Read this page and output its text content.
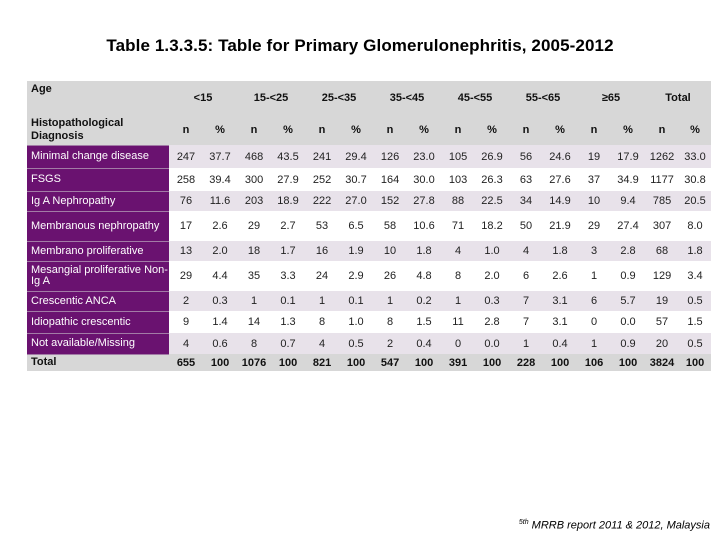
Table 1.3.3.5: Table for Primary Glomerulonephritis, 2005-2012
Age	<15		15-<25		25-<35		35-<45		45-<55		55-<65		≥65		Total	
Histopathological Diagnosis	n	%	n	%	n	%	n	%	n	%	n	%	n	%	n	%
Minimal change disease	247	37.7	468	43.5	241	29.4	126	23.0	105	26.9	56	24.6	19	17.9	1262	33.0
FSGS	258	39.4	300	27.9	252	30.7	164	30.0	103	26.3	63	27.6	37	34.9	1177	30.8
Ig A Nephropathy	76	11.6	203	18.9	222	27.0	152	27.8	88	22.5	34	14.9	10	9.4	785	20.5
Membranous nephropathy	17	2.6	29	2.7	53	6.5	58	10.6	71	18.2	50	21.9	29	27.4	307	8.0
Membrano proliferative	13	2.0	18	1.7	16	1.9	10	1.8	4	1.0	4	1.8	3	2.8	68	1.8
Mesangial proliferative Non-Ig A	29	4.4	35	3.3	24	2.9	26	4.8	8	2.0	6	2.6	1	0.9	129	3.4
Crescentic ANCA	2	0.3	1	0.1	1	0.1	1	0.2	1	0.3	7	3.1	6	5.7	19	0.5
Idiopathic crescentic	9	1.4	14	1.3	8	1.0	8	1.5	11	2.8	7	3.1	0	0.0	57	1.5
Not available/Missing	4	0.6	8	0.7	4	0.5	2	0.4	0	0.0	1	0.4	1	0.9	20	0.5
Total	655	100	1076	100	821	100	547	100	391	100	228	100	106	100	3824	100
$^{5th}$ MRRB report 2011 & 2012, Malaysia
